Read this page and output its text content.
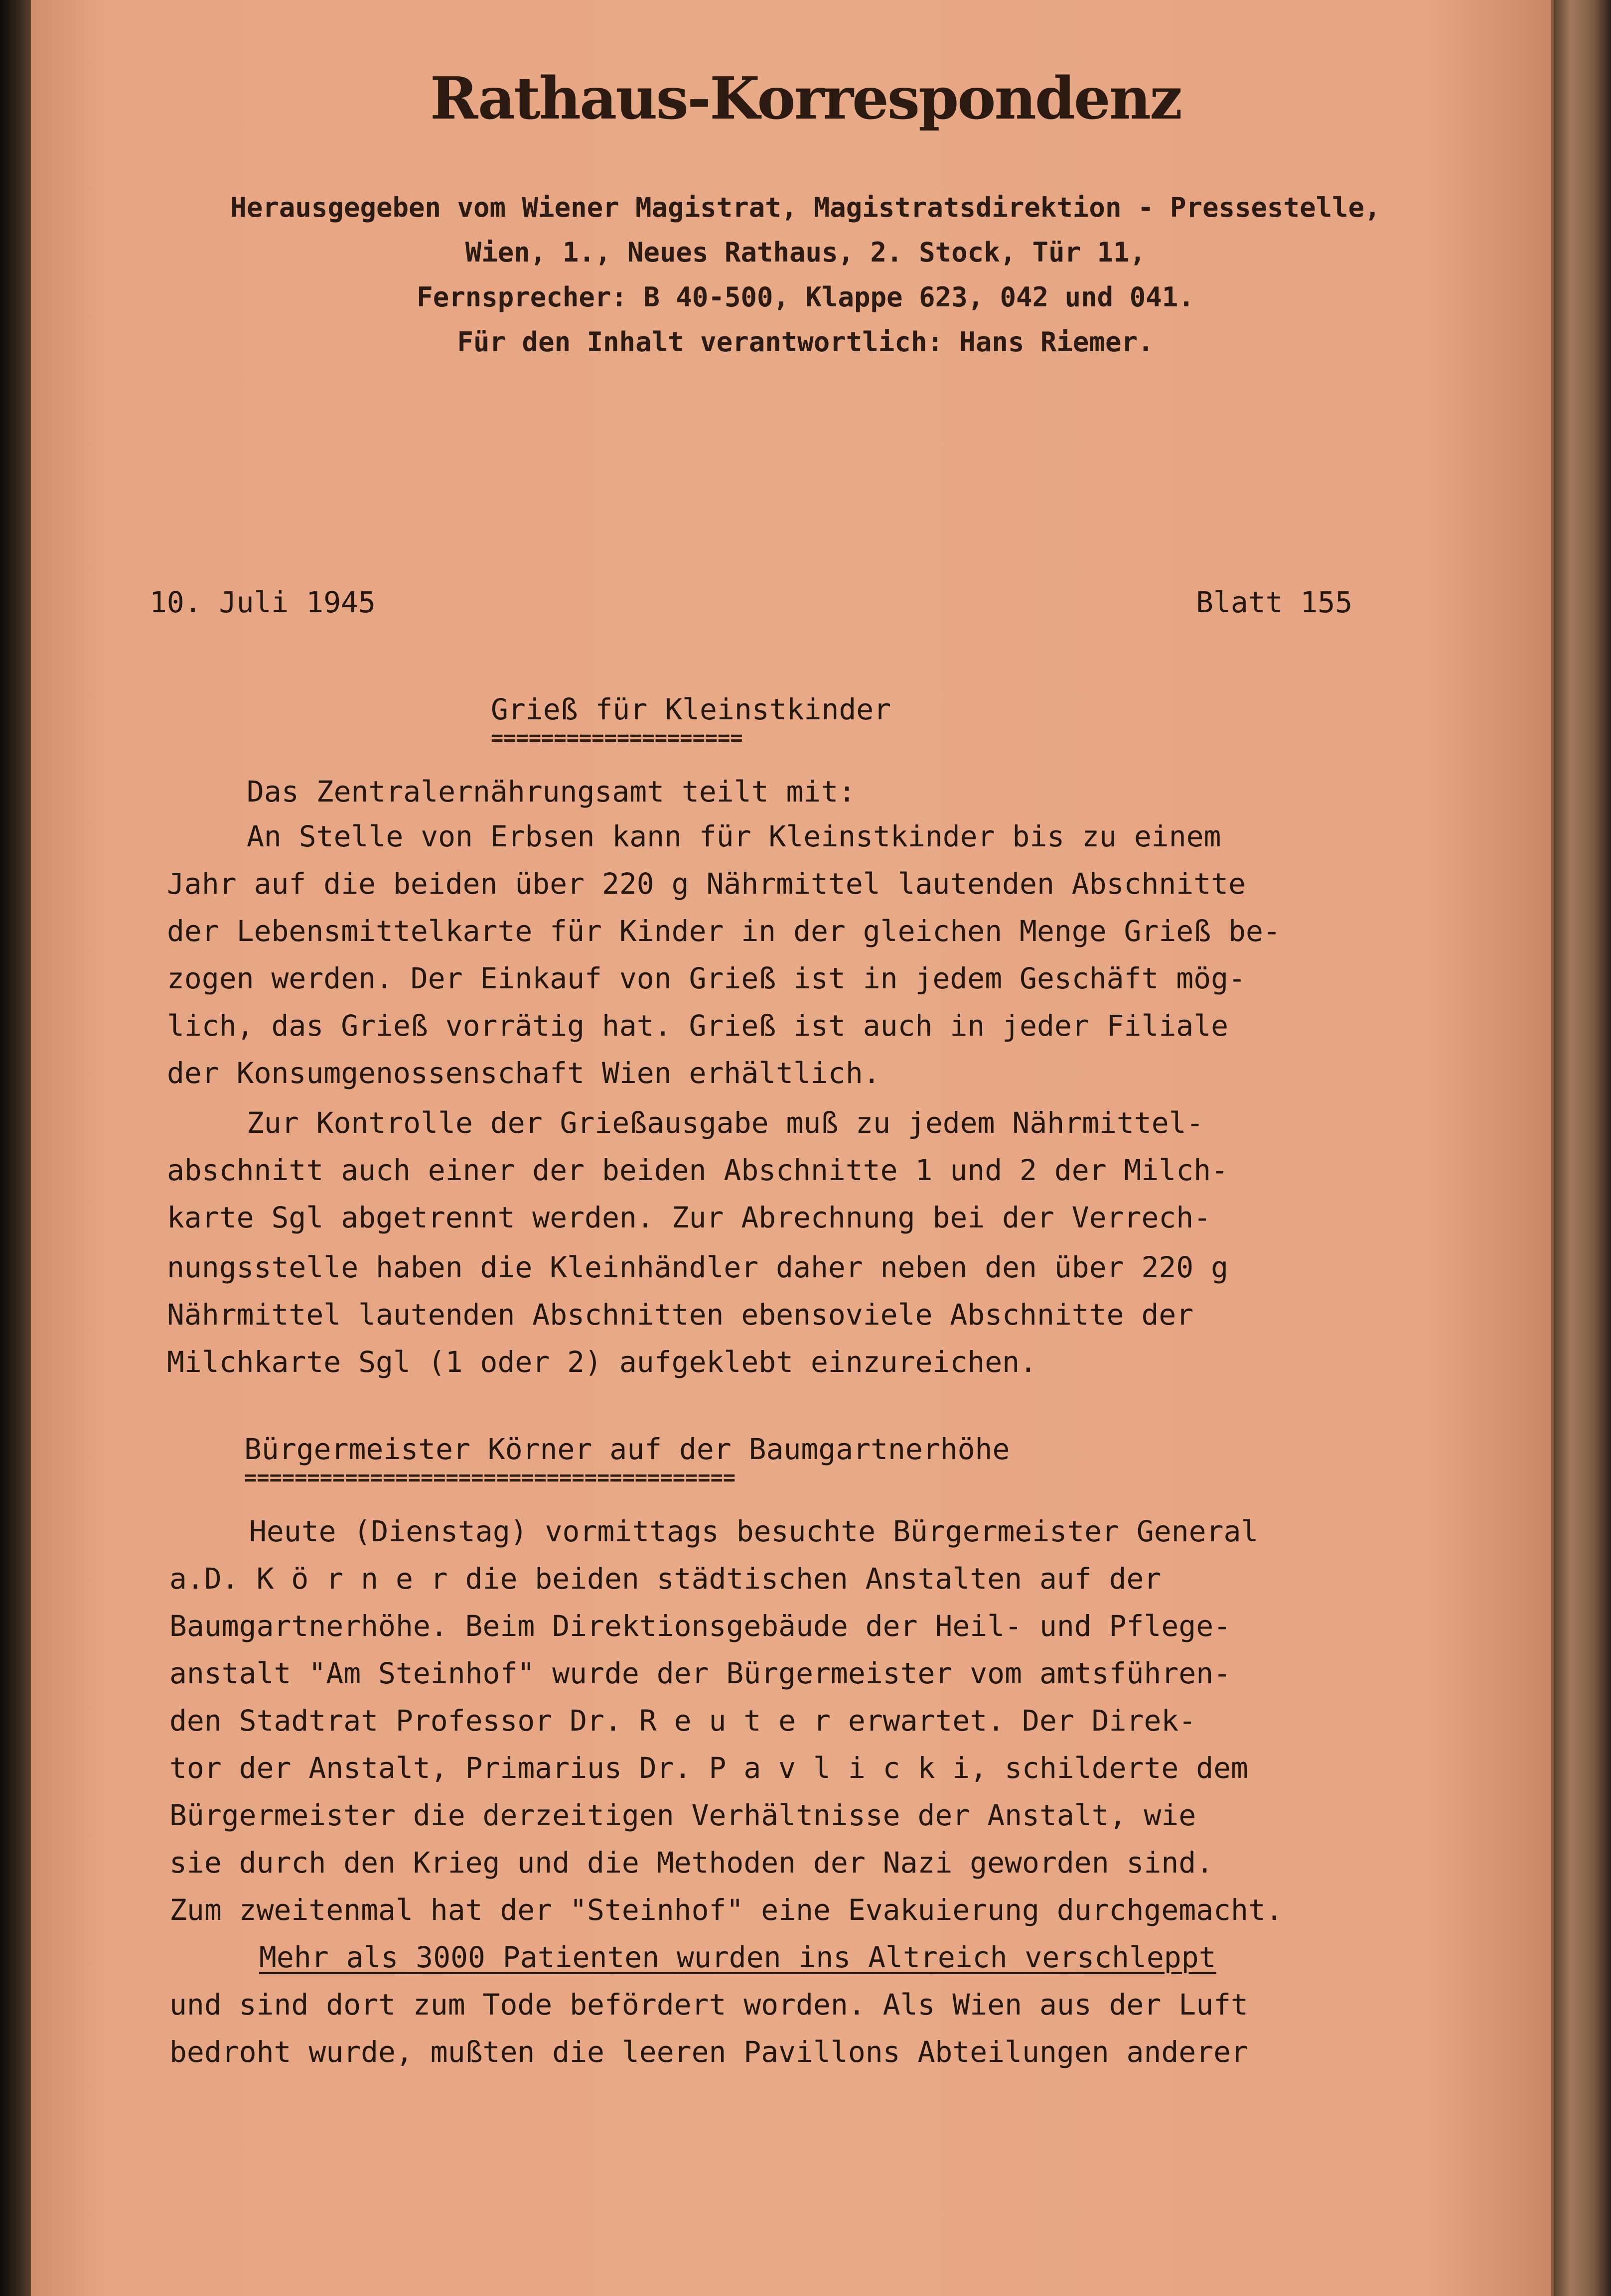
Rathaus-Korrespondenz
Herausgegeben vom Wiener Magistrat, Magistratsdirektion - Pressestelle,
Wien, 1., Neues Rathaus, 2. Stock, Tür 11,
Fernsprecher: B 40-500, Klappe 623, 042 und 041.
Für den Inhalt verantwortlich: Hans Riemer.
10. Juli 1945	Blatt 155
Grieß für Kleinstkinder
====================
Das Zentralernährungsamt teilt mit:
An Stelle von Erbsen kann für Kleinstkinder bis zu einem
Jahr auf die beiden über 220 g Nährmittel lautenden Abschnitte
der Lebensmittelkarte für Kinder in der gleichen Menge Grieß be-
zogen werden. Der Einkauf von Grieß ist in jedem Geschäft mög-
lich, das Grieß vorrätig hat. Grieß ist auch in jeder Filiale
der Konsumgenossenschaft Wien erhältlich.
Zur Kontrolle der Grießausgabe muß zu jedem Nährmittel-
abschnitt auch einer der beiden Abschnitte 1 und 2 der Milch-
karte Sgl abgetrennt werden. Zur Abrechnung bei der Verrech-
nungsstelle haben die Kleinhändler daher neben den über 220 g
Nährmittel lautenden Abschnitten ebensoviele Abschnitte der
Milchkarte Sgl (1 oder 2) aufgeklebt einzureichen.
Bürgermeister Körner auf der Baumgartnerhöhe
=======================================
Heute (Dienstag) vormittags besuchte Bürgermeister General
a.D. K ö r n e r die beiden städtischen Anstalten auf der
Baumgartnerhöhe. Beim Direktionsgebäude der Heil- und Pflege-
anstalt "Am Steinhof" wurde der Bürgermeister vom amtsführen-
den Stadtrat Professor Dr. R e u t e r erwartet. Der Direk-
tor der Anstalt, Primarius Dr. P a v l i c k i, schilderte dem
Bürgermeister die derzeitigen Verhältnisse der Anstalt, wie
sie durch den Krieg und die Methoden der Nazi geworden sind.
Zum zweitenmal hat der "Steinhof" eine Evakuierung durchgemacht.
Mehr als 3000 Patienten wurden ins Altreich verschleppt
und sind dort zum Tode befördert worden. Als Wien aus der Luft
bedroht wurde, mußten die leeren Pavillons Abteilungen anderer
